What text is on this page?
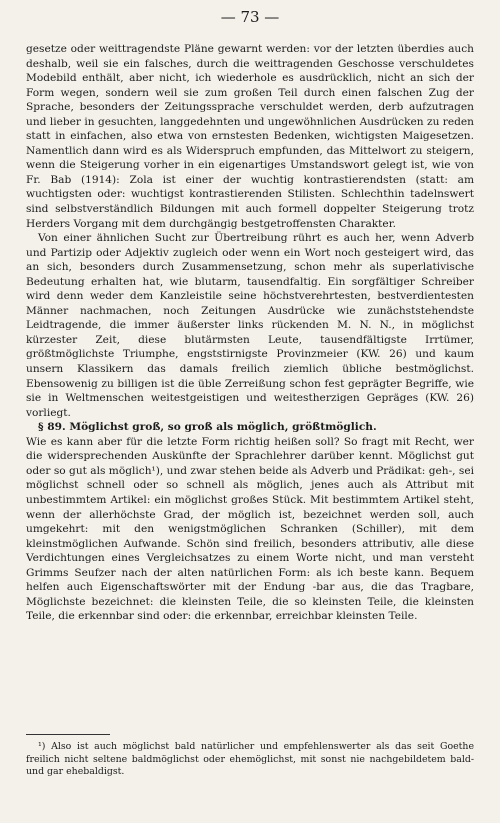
— 73 —

gesetze oder weittragendste Pläne gewarnt werden: vor der letzten überdies auch deshalb, weil sie ein falsches, durch die weittragenden Geschosse verschuldetes Modebild enthält, aber nicht, ich wiederhole es ausdrücklich, nicht an sich der Form wegen, sondern weil sie zum großen Teil durch einen falschen Zug der Sprache, besonders der Zeitungssprache verschuldet werden, derb aufzutragen und lieber in gesuchten, langgedehnten und ungewöhnlichen Ausdrücken zu reden statt in einfachen, also etwa von ernstesten Bedenken, wichtigsten Maigesetzen. Namentlich dann wird es als Widerspruch empfunden, das Mittelwort zu steigern, wenn die Steigerung vorher in ein eigenartiges Umstandswort gelegt ist, wie von Fr. Bab (1914): Zola ist einer der wuchtig kontrastierendsten (statt: am wuchtigsten oder: wuchtigst kontrastierenden Stilisten. Schlechthin tadelnswert sind selbstverständlich Bildungen mit auch formell doppelter Steigerung trotz Herders Vorgang mit dem durchgängig bestgetroffensten Charakter.

Von einer ähnlichen Sucht zur Übertreibung rührt es auch her, wenn Adverb und Partizip oder Adjektiv zugleich oder wenn ein Wort noch gesteigert wird, das an sich, besonders durch Zusammensetzung, schon mehr als superlativische Bedeutung erhalten hat, wie blutarm, tausendfaltig. Ein sorgfältiger Schreiber wird denn weder dem Kanzleistile seine höchstverehrtesten, bestverdientesten Männer nachmachen, noch Zeitungen Ausdrücke wie zunächststehendste Leidtragende, die immer äußerster links rückenden M. N. N., in möglichst kürzester Zeit, diese blutärmsten Leute, tausendfältigste Irrtümer, größtmöglichste Triumphe, engststirnigste Provinzmeier (KW. 26) und kaum unsern Klassikern das damals freilich ziemlich übliche bestmöglichst. Ebensowenig zu billigen ist die üble Zerreißung schon fest geprägter Begriffe, wie sie in Weltmenschen weitestgeistigen und weitestherzigen Gepräges (KW. 26) vorliegt.

§ 89. Möglichst groß, so groß als möglich, größtmöglich.

Wie es kann aber für die letzte Form richtig heißen soll? So fragt mit Recht, wer die widersprechenden Auskünfte der Sprachlehrer darüber kennt. Möglichst gut oder so gut als möglich¹), und zwar stehen beide als Adverb und Prädikat: geh-, sei möglichst schnell oder so schnell als möglich, jenes auch als Attribut mit unbestimmtem Artikel: ein möglichst großes Stück. Mit bestimmtem Artikel steht, wenn der allerhöchste Grad, der möglich ist, bezeichnet werden soll, auch umgekehrt: mit den wenigstmöglichen Schranken (Schiller), mit dem kleinstmöglichen Aufwande. Schön sind freilich, besonders attributiv, alle diese Verdichtungen eines Vergleichsatzes zu einem Worte nicht, und man versteht Grimms Seufzer nach der alten natürlichen Form: als ich beste kann. Bequem helfen auch Eigenschaftswörter mit der Endung -bar aus, die das Tragbare, Möglichste bezeichnet: die kleinsten Teile, die so kleinsten Teile, die kleinsten Teile, die erkennbar sind oder: die erkennbar, erreichbar kleinsten Teile.

¹) Also ist auch möglichst bald natürlicher und empfehlenswerter als das seit Goethe freilich nicht seltene baldmöglichst oder ehemöglichst, mit sonst nie nachgebildetem bald- und gar ehebaldigst.
